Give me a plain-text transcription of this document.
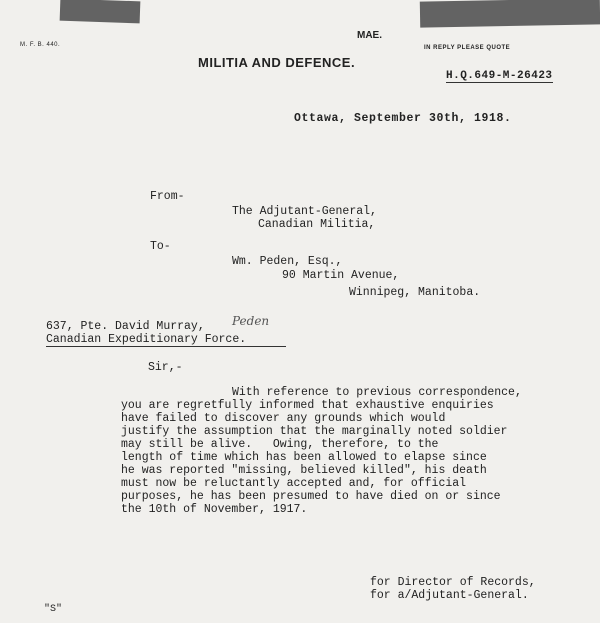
M. F. B. 440.
MAE.
IN REPLY PLEASE QUOTE
MILITIA AND DEFENCE.
H.Q.649-M-26423
Ottawa, September 30th, 1918.
From-
The Adjutant-General,
Canadian Militia,
To-
Wm. Peden, Esq.,
90 Martin Avenue,
Winnipeg, Manitoba.
637, Pte. David Murray, Peden
Canadian Expeditionary Force.
Sir,-
With reference to previous correspondence,
you are regretfully informed that exhaustive enquiries
have failed to discover any grounds which would
justify the assumption that the marginally noted soldier
may still be alive.   Owing, therefore, to the
length of time which has been allowed to elapse since
he was reported "missing, believed killed", his death
must now be reluctantly accepted and, for official
purposes, he has been presumed to have died on or since
the 10th of November, 1917.
for Director of Records,
for a/Adjutant-General.
"S"
